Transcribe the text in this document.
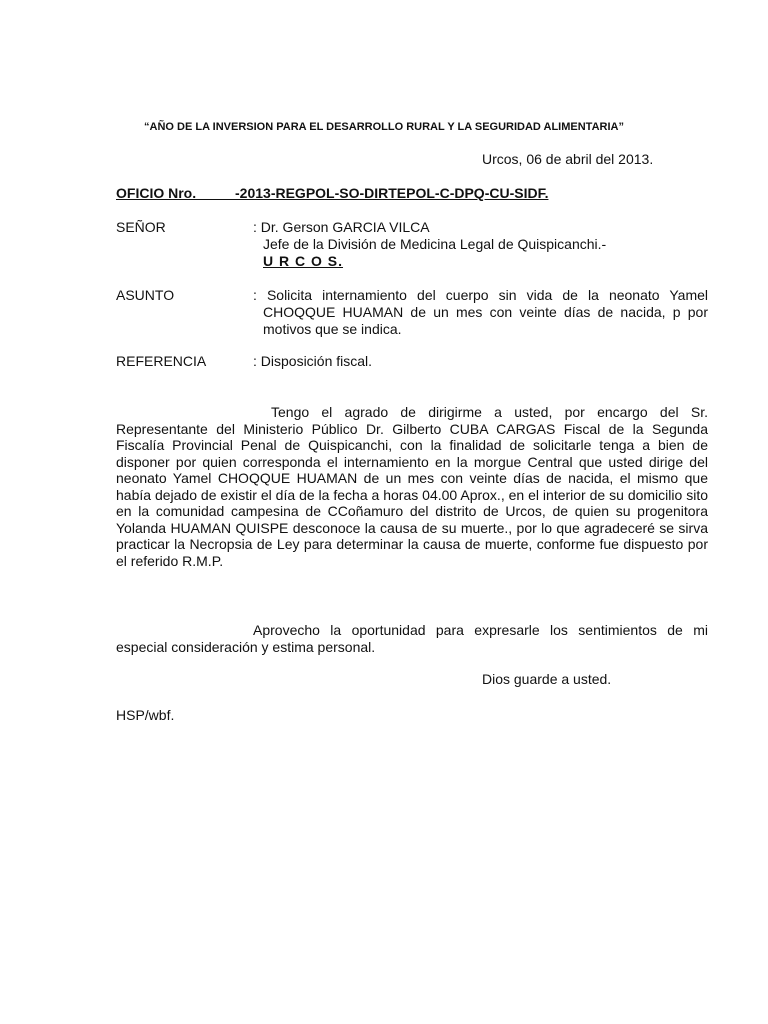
“AÑO DE LA INVERSION PARA EL DESARROLLO RURAL Y LA SEGURIDAD ALIMENTARIA”
Urcos, 06 de abril del 2013.
OFICIO Nro.          -2013-REGPOL-SO-DIRTEPOL-C-DPQ-CU-SIDF.
SEÑOR	: Dr. Gerson GARCIA VILCA
Jefe de la División de Medicina Legal de Quispicanchi.-
U R C O S.
ASUNTO	: Solicita internamiento del cuerpo sin vida de la neonato Yamel CHOQQUE HUAMAN de un mes con veinte días de nacida, p por motivos que se indica.
REFERENCIA	: Disposición fiscal.
Tengo el agrado de dirigirme a usted, por encargo del Sr. Representante del Ministerio Público Dr. Gilberto CUBA CARGAS Fiscal de la Segunda Fiscalía Provincial Penal de Quispicanchi, con la finalidad de solicitarle tenga a bien de disponer por quien corresponda el internamiento en la morgue Central que usted dirige del neonato Yamel CHOQQUE HUAMAN de un mes con veinte días de nacida, el mismo que había dejado de existir el día de la fecha a horas 04.00 Aprox., en el interior de su domicilio sito en la comunidad campesina de CCoñamuro del distrito de Urcos, de quien su progenitora Yolanda HUAMAN QUISPE desconoce la causa de su muerte., por lo que agradeceré se sirva practicar la Necropsia de Ley para determinar la causa de muerte, conforme fue dispuesto por el referido R.M.P.
Aprovecho la oportunidad para expresarle los sentimientos de mi especial consideración y estima personal.
Dios guarde a usted.
HSP/wbf.
